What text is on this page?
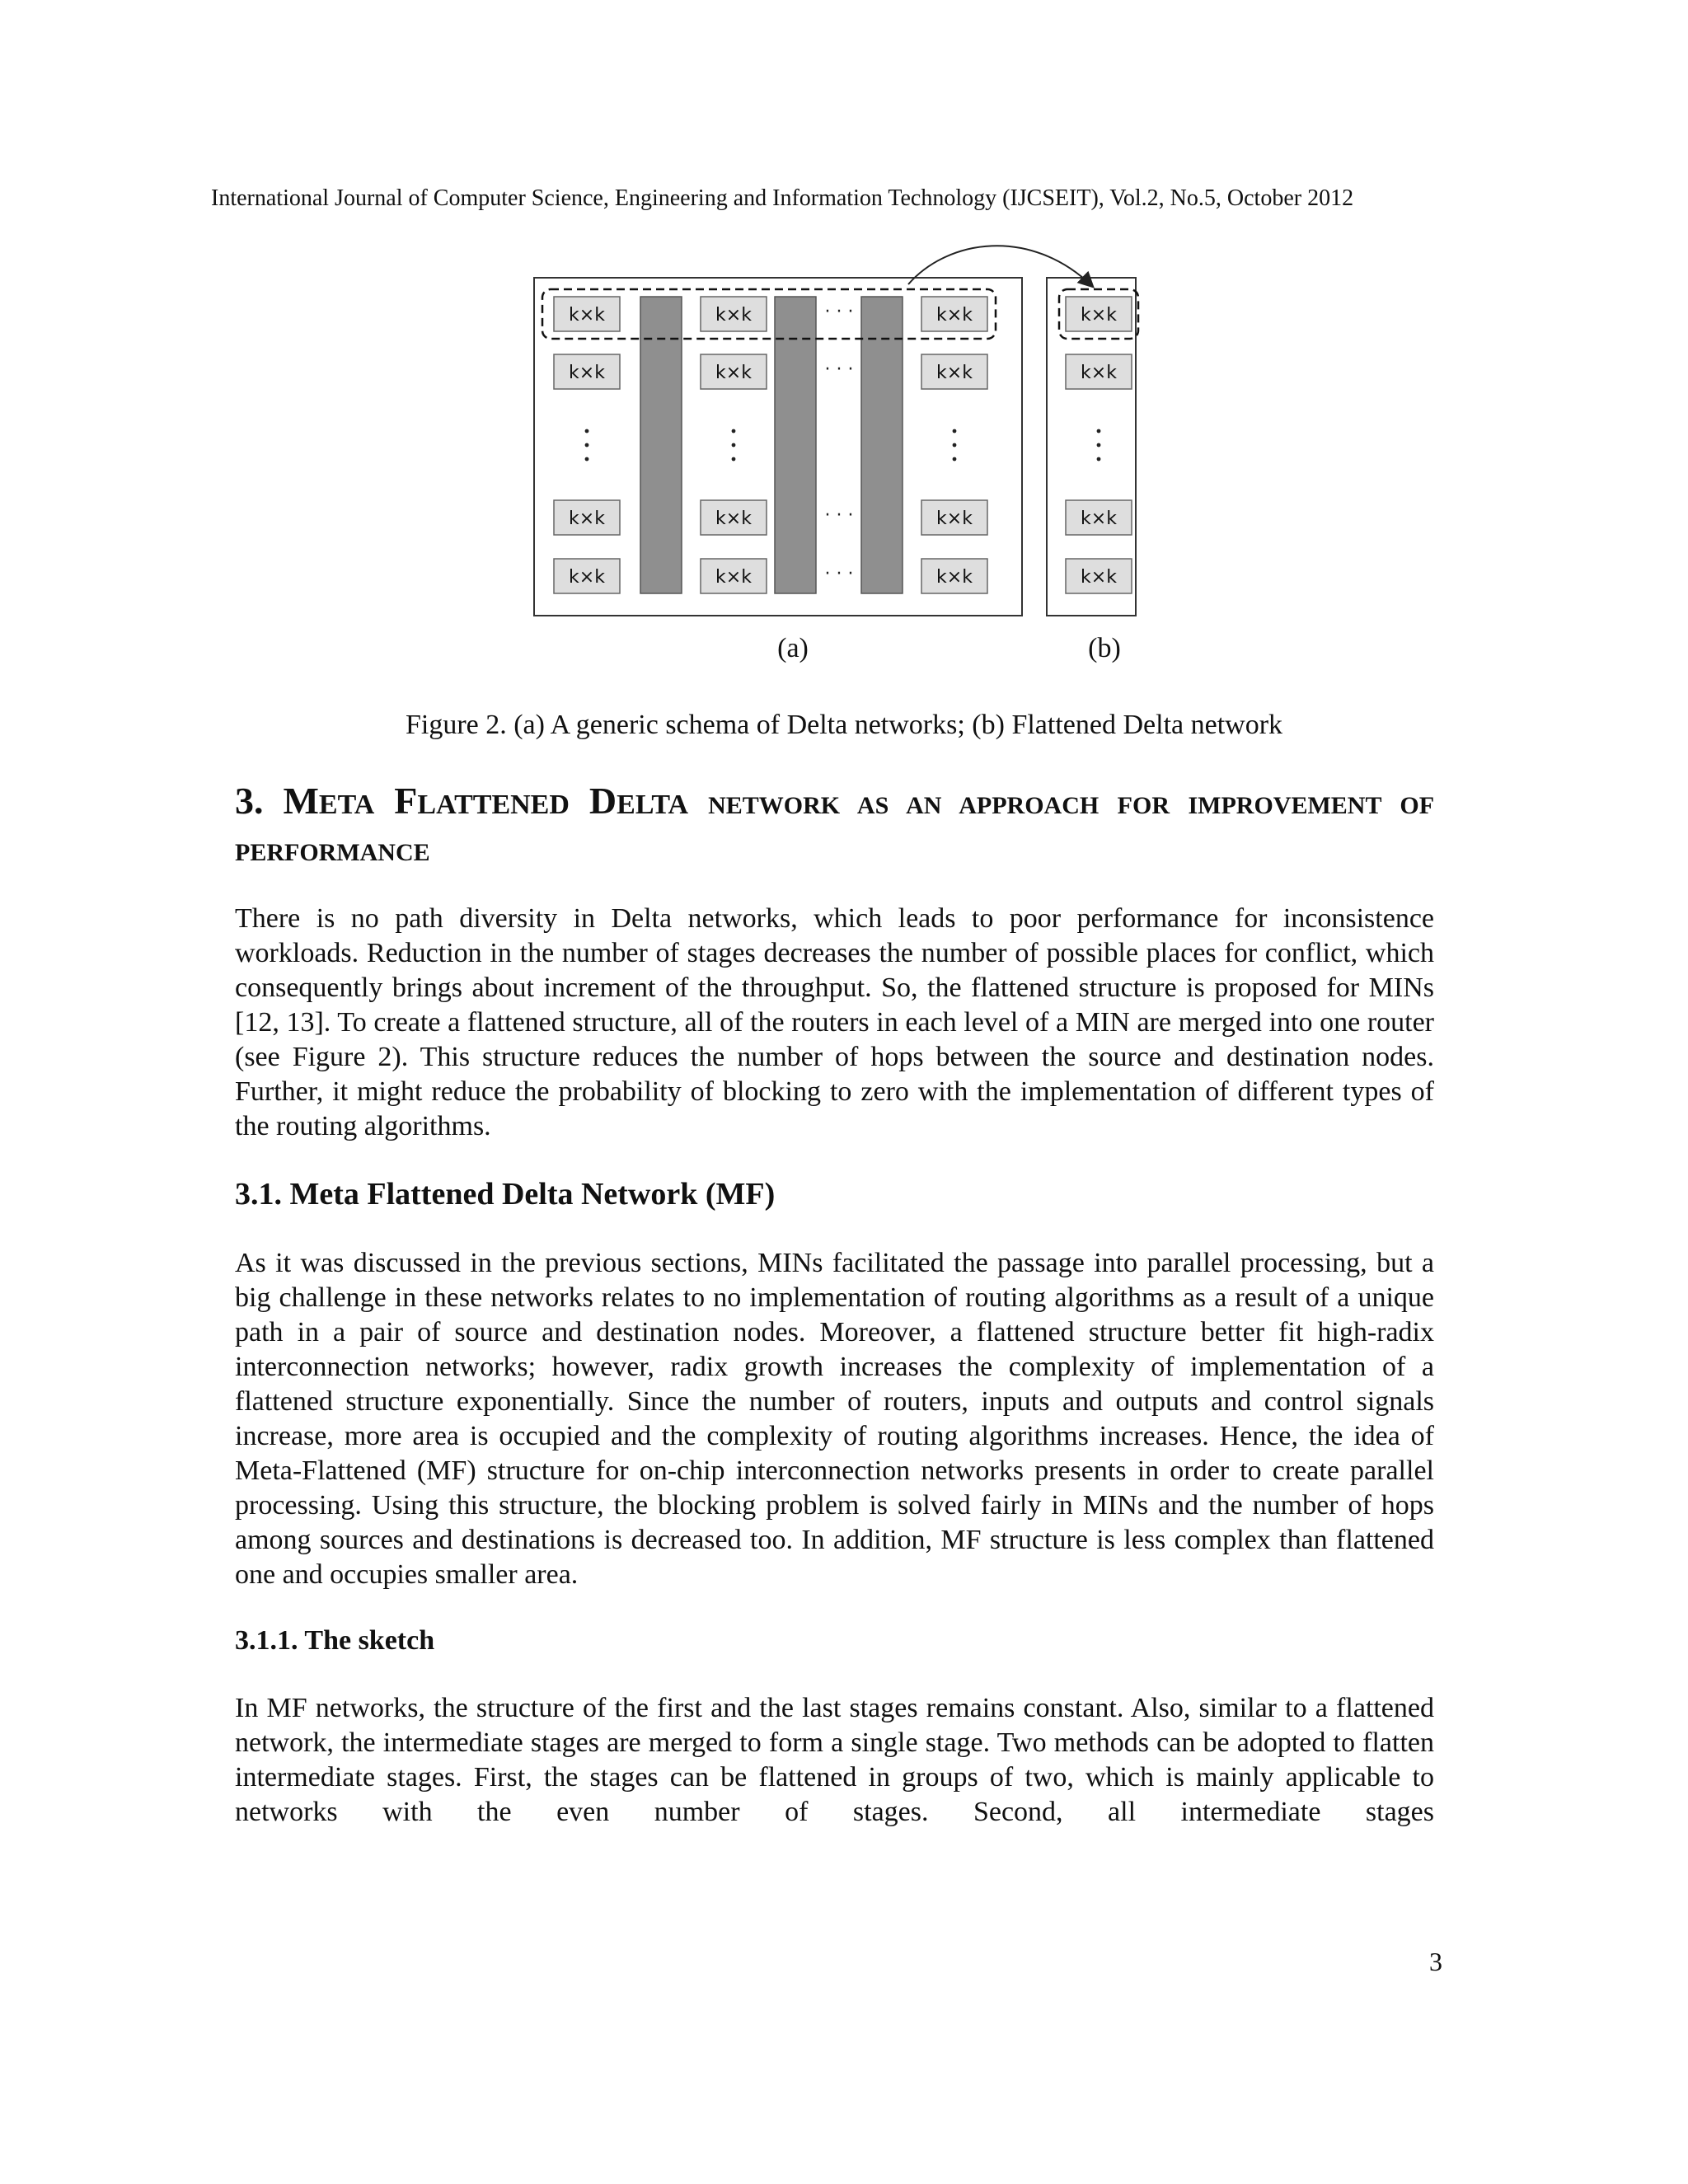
International Journal of Computer Science, Engineering and Information Technology (IJCSEIT), Vol.2, No.5, October 2012
k×k
k×k
k×k
k×k
k×k
k×k
k×k
k×k
k×k
k×k
k×k
k×k
· · ·
· · ·
· · ·
· · ·
k×k
k×k
k×k
k×k
(a)	(b)
Figure 2. (a) A generic schema of Delta networks; (b) Flattened Delta network
3. META FLATTENED DELTA NETWORK AS AN APPROACH FOR IMPROVEMENT OF PERFORMANCE

There is no path diversity in Delta networks, which leads to poor performance for inconsistence workloads. Reduction in the number of stages decreases the number of possible places for conflict, which consequently brings about increment of the throughput. So, the flattened structure is proposed for MINs [12, 13]. To create a flattened structure, all of the routers in each level of a MIN are merged into one router (see Figure 2). This structure reduces the number of hops between the source and destination nodes. Further, it might reduce the probability of blocking to zero with the implementation of different types of the routing algorithms.

3.1. Meta Flattened Delta Network (MF)

As it was discussed in the previous sections, MINs facilitated the passage into parallel processing, but a big challenge in these networks relates to no implementation of routing algorithms as a result of a unique path in a pair of source and destination nodes. Moreover, a flattened structure better fit high-radix interconnection networks; however, radix growth increases the complexity of implementation of a flattened structure exponentially. Since the number of routers, inputs and outputs and control signals increase, more area is occupied and the complexity of routing algorithms increases. Hence, the idea of Meta-Flattened (MF) structure for on-chip interconnection networks presents in order to create parallel processing. Using this structure, the blocking problem is solved fairly in MINs and the number of hops among sources and destinations is decreased too. In addition, MF structure is less complex than flattened one and occupies smaller area.

3.1.1. The sketch

In MF networks, the structure of the first and the last stages remains constant. Also, similar to a flattened network, the intermediate stages are merged to form a single stage. Two methods can be adopted to flatten intermediate stages. First, the stages can be flattened in groups of two, which is mainly applicable to networks with the even number of stages. Second, all intermediate stages

3
